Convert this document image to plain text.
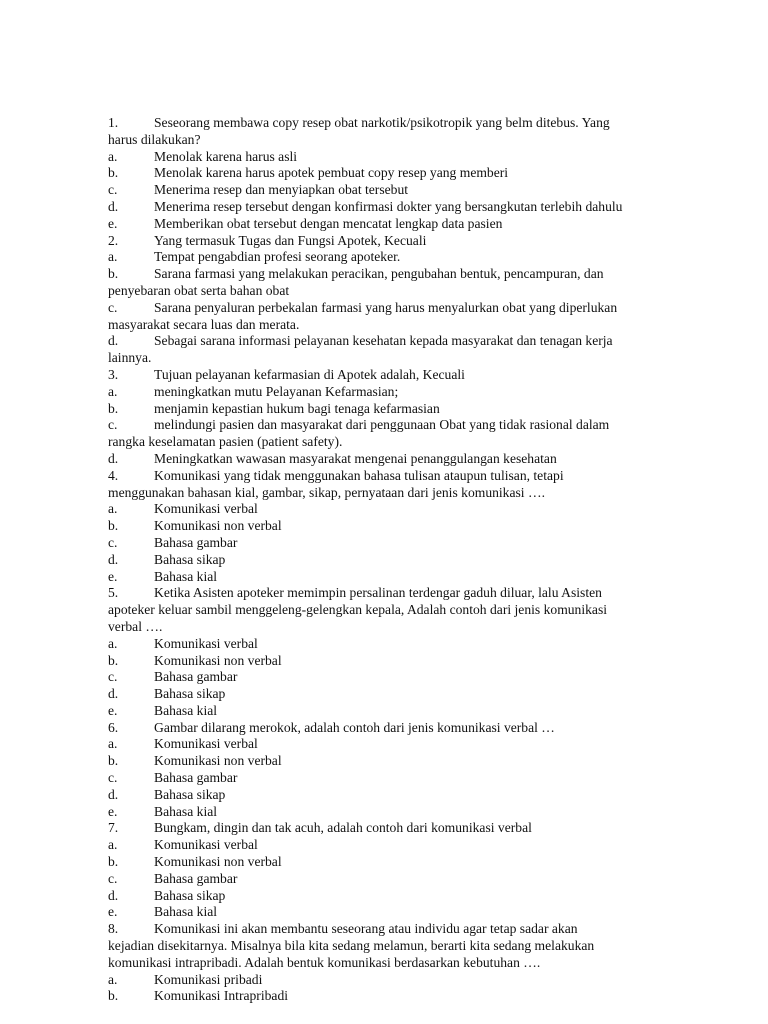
1.	Seseorang membawa copy resep obat narkotik/psikotropik yang belm ditebus. Yang
harus dilakukan?
a.	Menolak karena harus asli
b.	Menolak karena harus apotek pembuat copy resep yang memberi
c.	Menerima resep dan menyiapkan obat tersebut
d.	Menerima resep tersebut dengan konfirmasi dokter yang bersangkutan terlebih dahulu
e.	Memberikan obat tersebut dengan mencatat lengkap data pasien
2.	Yang termasuk Tugas dan Fungsi Apotek, Kecuali
a.	Tempat pengabdian profesi seorang apoteker.
b.	Sarana farmasi yang melakukan peracikan, pengubahan bentuk, pencampuran, dan
penyebaran obat serta bahan obat
c.	Sarana penyaluran perbekalan farmasi yang harus menyalurkan obat yang diperlukan
masyarakat secara luas dan merata.
d.	Sebagai sarana informasi pelayanan kesehatan kepada masyarakat dan tenagan kerja
lainnya.
3.	Tujuan pelayanan kefarmasian di Apotek adalah, Kecuali
a.	meningkatkan mutu Pelayanan Kefarmasian;
b.	menjamin kepastian hukum bagi tenaga kefarmasian
c.	melindungi pasien dan masyarakat dari penggunaan Obat yang tidak rasional dalam
rangka keselamatan pasien (patient safety).
d.	Meningkatkan wawasan masyarakat mengenai penanggulangan kesehatan
4.	Komunikasi yang tidak menggunakan bahasa tulisan ataupun tulisan, tetapi
menggunakan bahasan kial, gambar, sikap, pernyataan dari jenis komunikasi ….
a.	Komunikasi verbal
b.	Komunikasi non verbal
c.	Bahasa gambar
d.	Bahasa sikap
e.	Bahasa kial
5.	Ketika Asisten apoteker memimpin persalinan terdengar gaduh diluar, lalu Asisten
apoteker keluar sambil menggeleng-gelengkan kepala, Adalah contoh dari jenis komunikasi
verbal ….
a.	Komunikasi verbal
b.	Komunikasi non verbal
c.	Bahasa gambar
d.	Bahasa sikap
e.	Bahasa kial
6.	Gambar dilarang merokok, adalah contoh dari jenis komunikasi verbal …
a.	Komunikasi verbal
b.	Komunikasi non verbal
c.	Bahasa gambar
d.	Bahasa sikap
e.	Bahasa kial
7.	Bungkam, dingin dan tak acuh, adalah contoh dari komunikasi verbal
a.	Komunikasi verbal
b.	Komunikasi non verbal
c.	Bahasa gambar
d.	Bahasa sikap
e.	Bahasa kial
8.	Komunikasi ini akan membantu seseorang atau individu agar tetap sadar akan
kejadian disekitarnya. Misalnya bila kita sedang melamun, berarti kita sedang melakukan
komunikasi intrapribadi. Adalah bentuk komunikasi berdasarkan kebutuhan ….
a.	Komunikasi pribadi
b.	Komunikasi Intrapribadi
